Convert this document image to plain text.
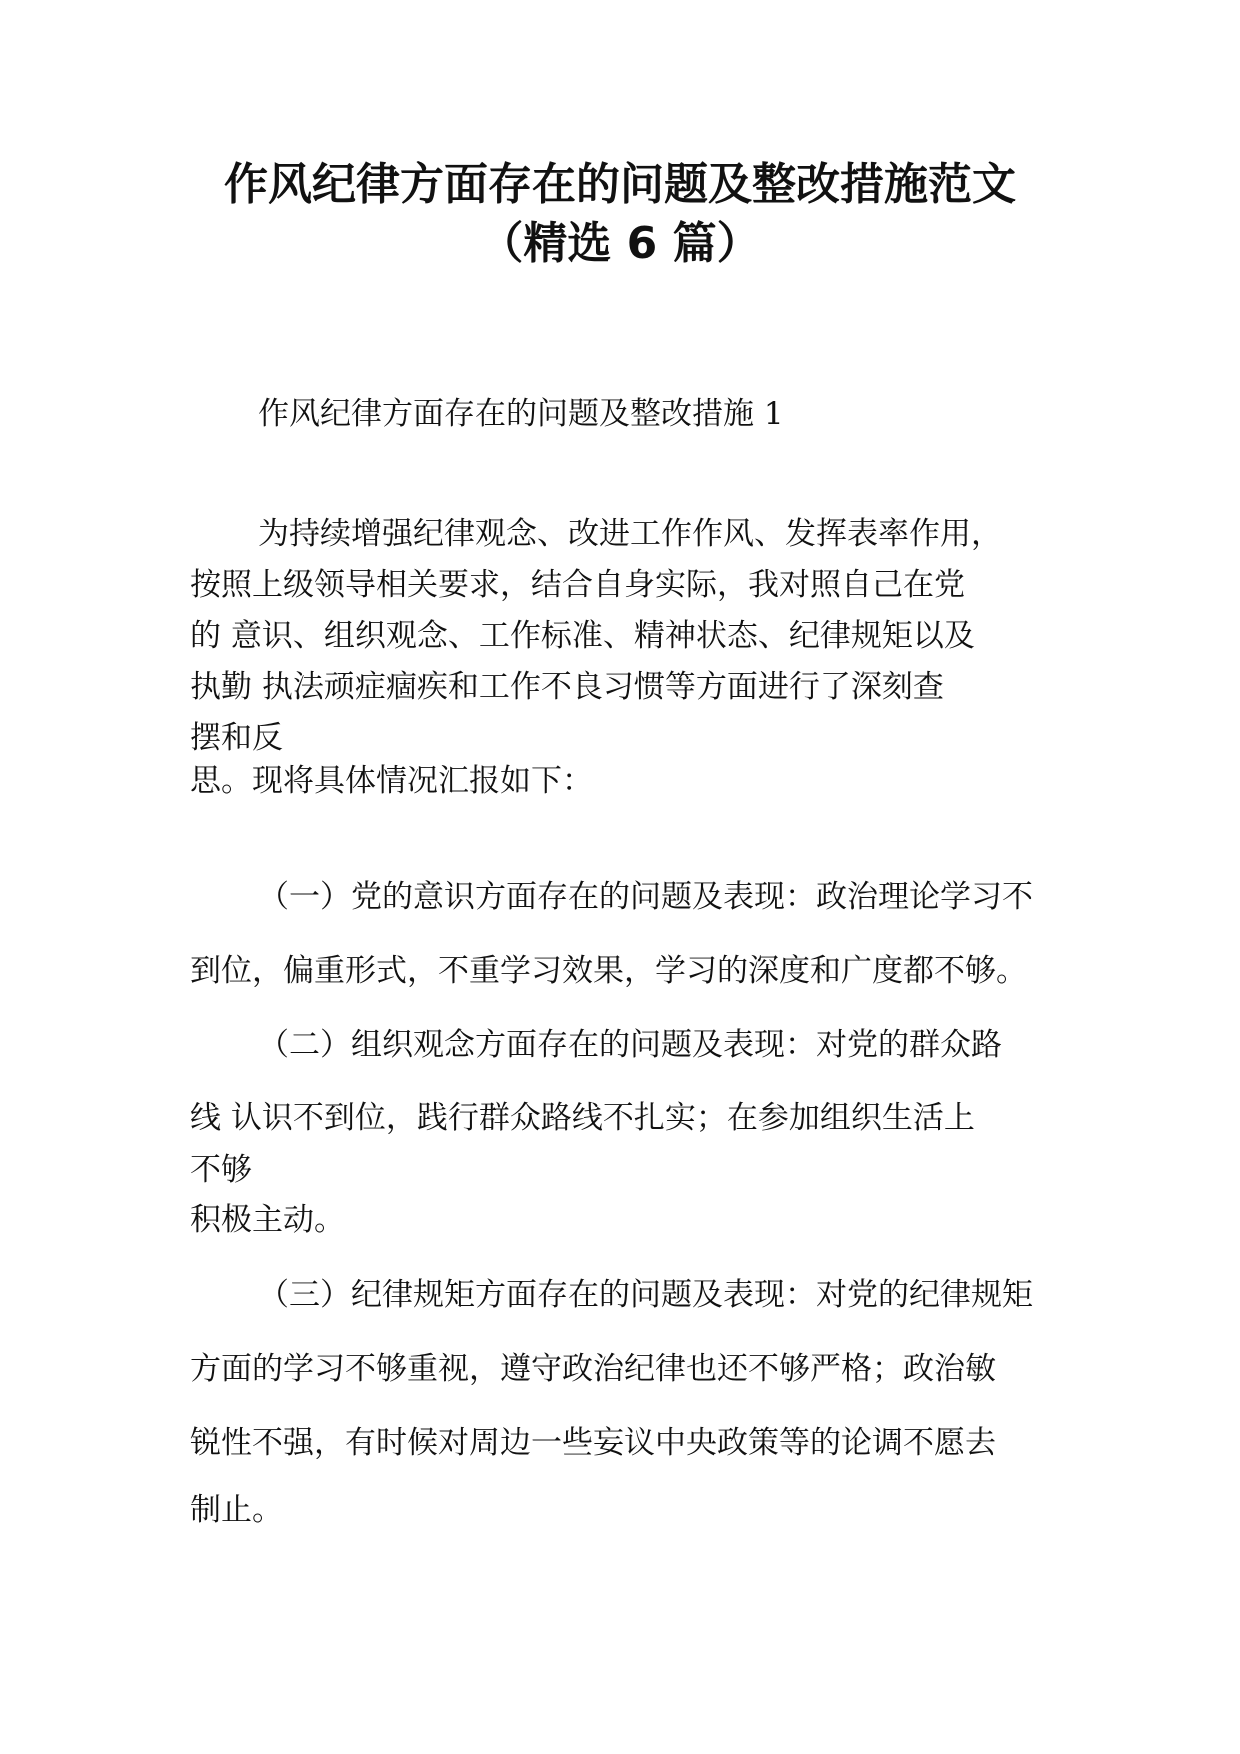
作风纪律方面存在的问题及整改措施范文
（精选 6 篇）

作风纪律方面存在的问题及整改措施 1

为持续增强纪律观念、改进工作作风、发挥表率作用，

按照上级领导相关要求，结合自身实际，我对照自己在党

的 意识、组织观念、工作标准、精神状态、纪律规矩以及

执勤 执法顽症痼疾和工作不良习惯等方面进行了深刻查

摆和反

思。现将具体情况汇报如下：

（一）党的意识方面存在的问题及表现：政治理论学习不

到位，偏重形式，不重学习效果，学习的深度和广度都不够。

（二）组织观念方面存在的问题及表现：对党的群众路

线 认识不到位，践行群众路线不扎实；在参加组织生活上

不够

积极主动。

（三）纪律规矩方面存在的问题及表现：对党的纪律规矩

方面的学习不够重视，遵守政治纪律也还不够严格；政治敏

锐性不强，有时候对周边一些妄议中央政策等的论调不愿去

制止。
